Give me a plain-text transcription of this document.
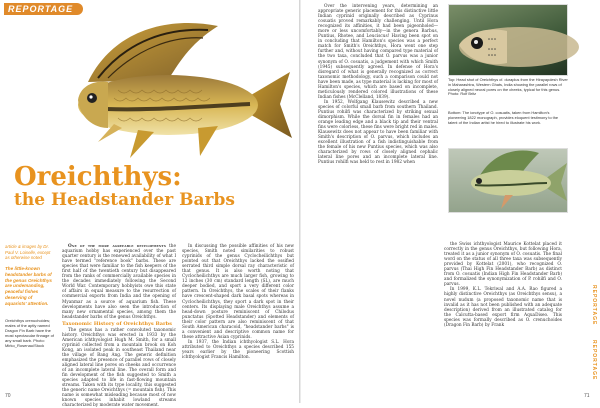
REPORTAGE
Oreichthys:
the Headstander Barbs
article & images by Dr. Paul V. Loiselle, except as otherwise noted
The little-known headstander barbs of the genus Oreichthys are undemanding, peaceful fishes deserving of aquarists' attention.
Oreichthys crenuchoides; males of the aptly named Dragon Fin Barb have the most spectacular finnage of any small barb. Photo: Mirko_Rosenau/Stock

One of the more agreeable developments the aquarium hobby has experienced over the past quarter century is the renewed availability of what I have termed "reference book" barbs. These are species that were familiar to the fish keepers of the first half of the twentieth century but disappeared from the ranks of commercially available species in the decades immediately following the Second World War. Contemporary hobbyists owe this state of affairs in equal measure to the resurrection of commercial exports from India and the opening of Myanmar as a source of aquarium fish. These developments have also seen the introduction of many new ornamental species, among them the headstander barbs of the genus Oreichthys.

Taxonomic History of Oreichthys Barbs

The genus has a rather convoluted taxonomic history. Oreichthys was erected in 1933 by the American ichthyologist Hugh M. Smith, for a small cyprinid collected from a mountain brook on Koh Kong, an isolated peak in southeast Thailand near the village of Bang Ang. The generic definition emphasized the presence of parallel rows of closely aligned lateral line pores on cheeks and occurrence of an incomplete lateral line. The overall form and fin development of the fish suggested to Smith a species adapted to life in fast-flowing mountain streams. Taken with its type locality, this suggested the generic name Oreichthys (= mountain fish). This name is somewhat misleading because most of now known species inhabit lowland streams characterized by moderate water movement.

In discussing the possible affinities of his new species, Smith noted similarities to robust cyprinids of the genus Cyclocheilichthys but pointed out that Oreichthys lacked the ossified serrated third simple dorsal ray characteristic of that genus. It is also worth noting that Cyclocheilichthys are much larger fish, growing to 12 inches (30 cm) standard length (SL), are much deeper bodied, and sport a very different color pattern. In Oreichthys, the scales of their flanks have crescent-shaped dark basal spots whereas in Cyclocheilichthys, they sport a dark spot in their centers. Its displaying male Oreichthys assume a head-down posture reminiscent of Chilodus punctatus (Spotted Headstander) and elements of their color pattern are also reminiscent of that South American characoid, "headstander barbs" is a convenient and descriptive common name for these attractive Asian cyprinids.

In 1937, the Indian ichthyologist S.L. Hora attributed to Oreichthys a species described 155 years earlier by the pioneering Scottish ichthyologist Francis Hamilton.

Over the intervening years, determining an appropriate generic placement for this distinctive little Indian cyprinid originally described as Cyprinus cosuatis proved remarkably challenging. Until Hora recognized its affinities, it had been pigeonholed—more or less uncomfortably—in the genera Barbus, Puntius, Rhotee, and Leuciscus! Having been spot on in concluding that Hamilton's species was a perfect match for Smith's Oreichthys, Hora went one step further and, without having compared type material of the two taxa, concluded that O. parvus was a junior synonym of O. cosuatis, a judgement with which Smith (1945) subsequently agreed. In defense of Hora's disregard of what is generally recognized as correct taxonomic methodology, such a comparison could not have been made, as type material is lacking for most of Hamilton's species, which are based on incomplete, meticulously rendered colored illustrations of these Indian fishes (McClelland, 1839).

In 1952, Wolfgang Klausewitz described a new species of colorful small barb from southern Thailand. Puntius rohilfi was characterized by striking sexual dimorphism. While the dorsal fin in females had an orange leading edge and a black tip and their ventral fins were colorless, these fins were bright red in males. Klausewitz does not appear to have been familiar with Smith's description of O. parvus, which includes an excellent illustration of a fish indistinguishable from the female of his new Puntius species, which was also characterized by rows of closely aligned cephalic lateral line pores and an incomplete lateral line. Puntius rohilfi was held to rest in 1982 when

Top: Head shot of Oreichthys cf. duraplus from the Hirayapdesh River in Maharashtra, Western Ghats, India showing the parallel rows of closely aligned neural pores on the cheeks, typical for this genus. Photo: Rolf Britz
Bottom: The ionotype of O. cosuatis, taken from Hamilton's pioneering 1822 monograph, provides eloquent testimony to the talent of the Indian artist he hired to illustrate his work.

the Swiss ichthyologist Maurice Kottelat placed it correctly in the genus Oreichthys, but following Hora, treated it as a junior synonym of O. cosuatis. The final word on the status of all three taxa was subsequently provided by Kottelat (2001), who recognized O. parvus (Thai High Fin Headstander Barb) as distinct from O. cosuatis (Indian High Fin Headstander Barb) and formalized the synonymization of P. rohilfi and O. parvus.

In 1999, K.L. Tekriwal and A.A. Rao figured a highly distinctive Oreichthys (as Oreichthys sensu), a novel nudum (a proposed taxonomic name that is invalid as it has not been published with an adequate description) derived from an illustrated catalog for the Calcutta-based export firm AquaDiseo. This species was formally described as O. crenuchoides (Dragon Fin Barb) by Frank	REPORTAGE
REPORTAGE
70	71
